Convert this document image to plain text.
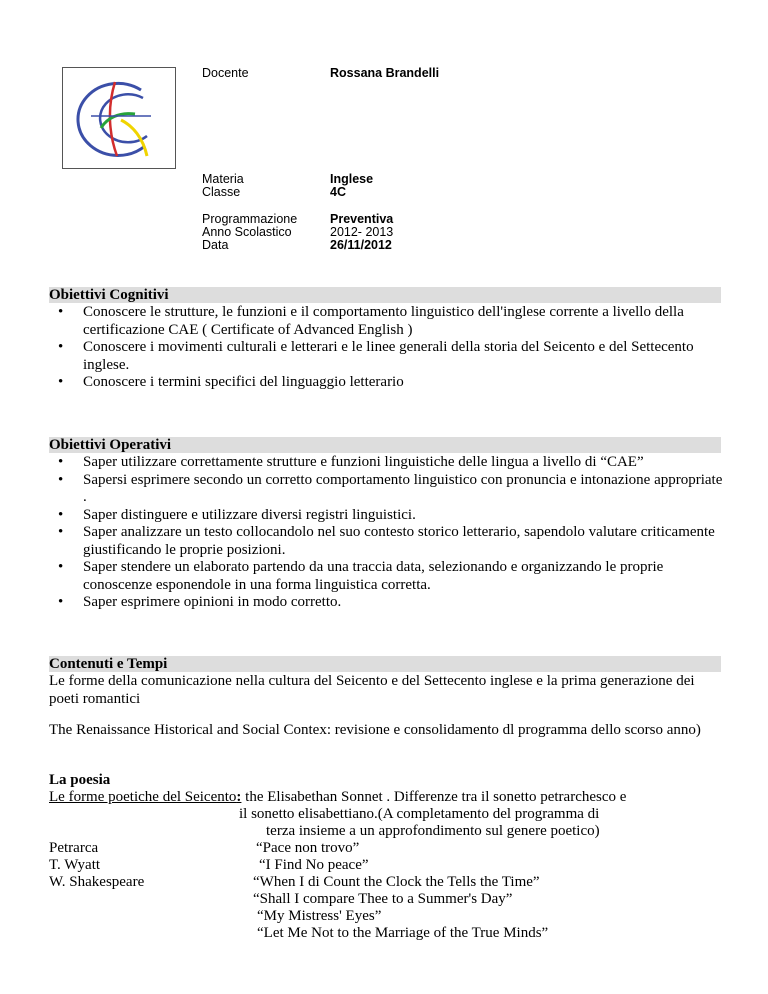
Docente	Rossana Brandelli
Materia	Inglese
Classe	4C
Programmazione	Preventiva
Anno Scolastico	2012- 2013
Data	26/11/2012
Obiettivi Cognitivi
• Conoscere le strutture, le funzioni e il comportamento linguistico dell'inglese corrente a livello della certificazione CAE ( Certificate of Advanced English )
• Conoscere i movimenti culturali e letterari e le linee generali della storia del Seicento e del Settecento inglese.
• Conoscere i termini specifici del linguaggio letterario
Obiettivi Operativi
• Saper utilizzare correttamente strutture e funzioni linguistiche delle lingua a livello di “CAE”
• Sapersi esprimere secondo un corretto comportamento linguistico con pronuncia e intonazione appropriate .
• Saper distinguere e utilizzare diversi registri linguistici.
• Saper analizzare un testo collocandolo nel suo contesto storico letterario, sapendolo valutare criticamente giustificando le proprie posizioni.
• Saper stendere un elaborato partendo da una traccia data, selezionando e organizzando le proprie conoscenze esponendole in una forma linguistica corretta.
• Saper esprimere opinioni in modo corretto.
Contenuti e Tempi
Le forme della comunicazione nella cultura del Seicento e del Settecento inglese e la prima generazione dei poeti romantici
The Renaissance Historical and Social Contex: revisione e consolidamento dl programma dello scorso anno)
La poesia
Le forme poetiche del Seicento: the Elisabethan Sonnet . Differenze tra il sonetto petrarchesco e
il sonetto elisabettiano.(A completamento del programma di
terza insieme a un approfondimento sul genere poetico)
Petrarca	“Pace non trovo”
T. Wyatt	“I Find No peace”
W. Shakespeare	“When I di Count the Clock the Tells the Time”
“Shall I compare Thee to a Summer's Day”
“My Mistress' Eyes”
“Let Me Not to the Marriage of the True Minds”
